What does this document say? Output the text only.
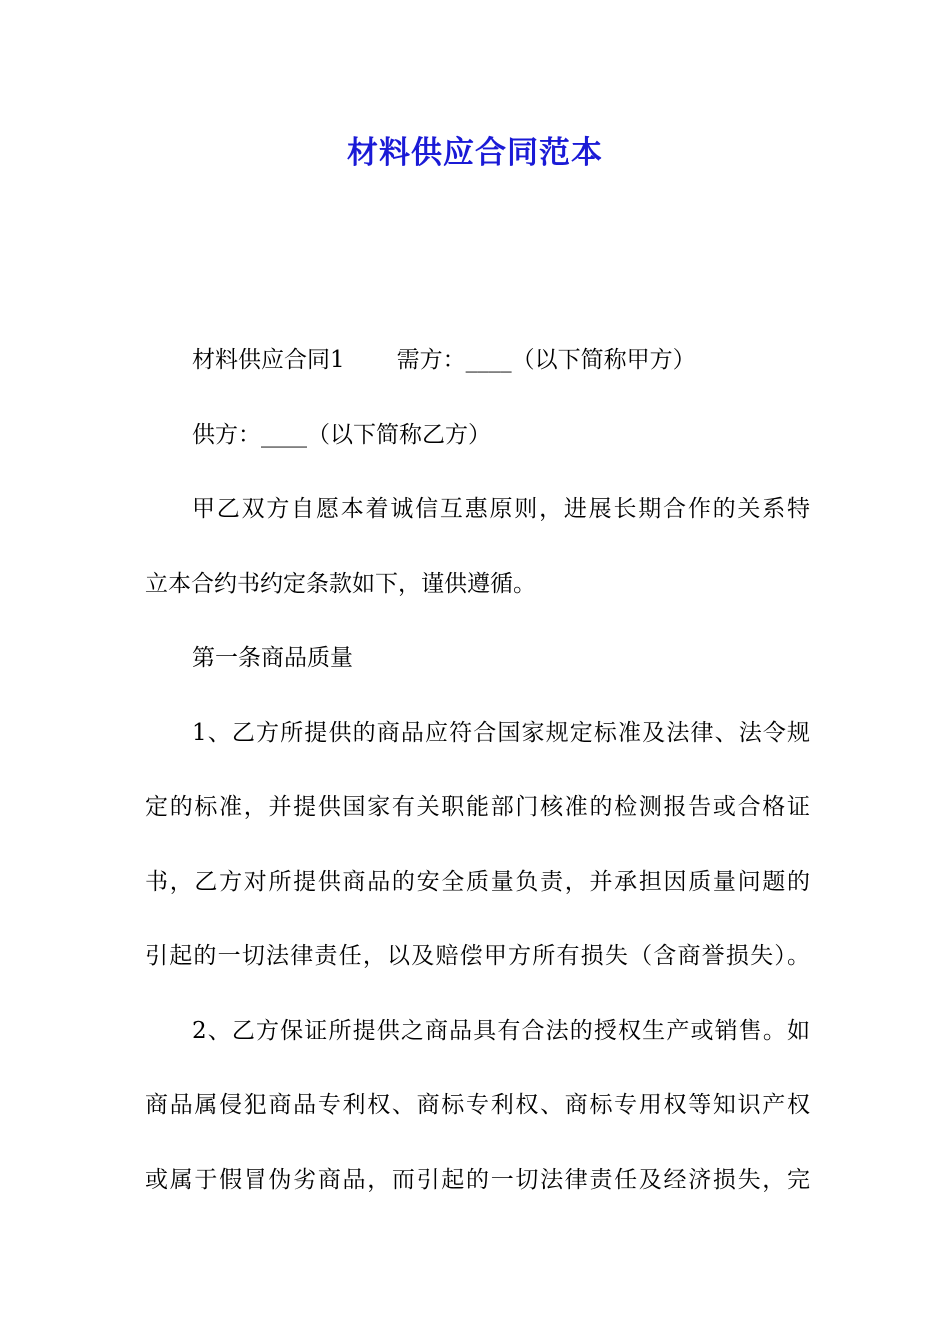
材料供应合同范本
材料供应合同1 需方：____（以下简称甲方）
供方：____（以下简称乙方）
甲乙双方自愿本着诚信互惠原则，进展长期合作的关系特
立本合约书约定条款如下，谨供遵循。
第一条商品质量
1、乙方所提供的商品应符合国家规定标准及法律、法令规
定的标准，并提供国家有关职能部门核准的检测报告或合格证
书，乙方对所提供商品的安全质量负责，并承担因质量问题的
引起的一切法律责任，以及赔偿甲方所有损失（含商誉损失）。
2、乙方保证所提供之商品具有合法的授权生产或销售。如
商品属侵犯商品专利权、商标专利权、商标专用权等知识产权
或属于假冒伪劣商品，而引起的一切法律责任及经济损失，完
